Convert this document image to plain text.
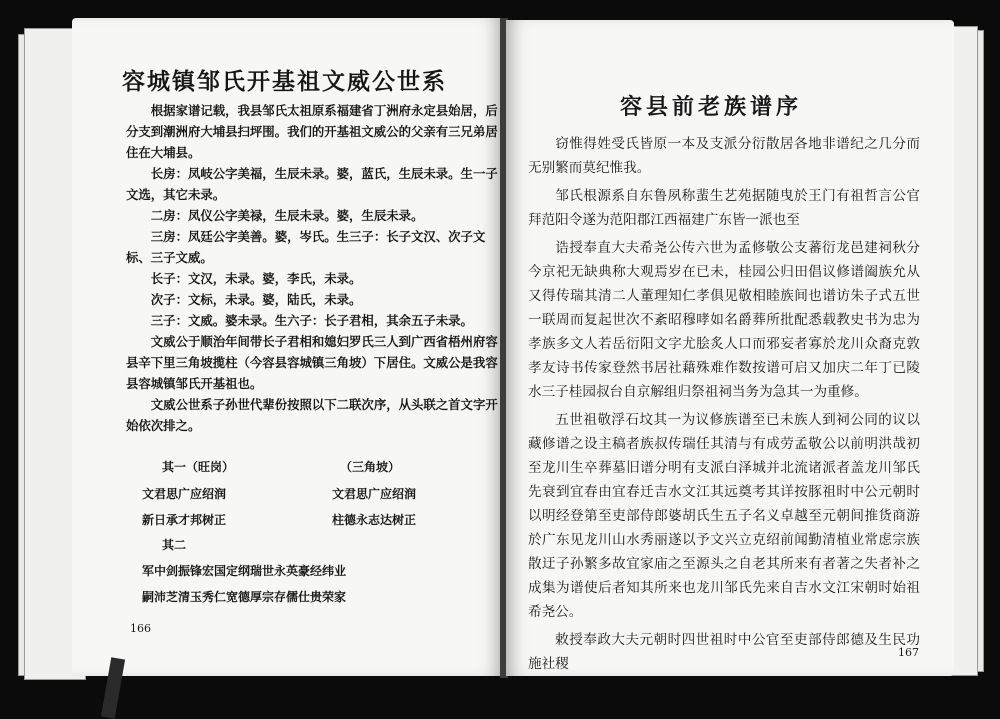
容城镇邹氏开基祖文威公世系

根据家谱记载，我县邹氏太祖原系福建省丁洲府永定县始居，后分支到潮洲府大埔县扫坪围。我们的开基祖文威公的父亲有三兄弟居住在大埔县。

长房：凤岐公字美福，生辰未录。婆，蓝氏，生辰未录。生一子文选，其它未录。

二房：凤仪公字美禄，生辰未录。婆，生辰未录。

三房：凤廷公字美善。婆，岑氏。生三子：长子文汉、次子文标、三子文威。

长子：文汉，未录。婆，李氏，未录。

次子：文标，未录。婆，陆氏，未录。

三子：文威。婆未录。生六子：长子君相，其余五子未录。

文威公于顺治年间带长子君相和媳妇罗氏三人到广西省梧州府容县辛下里三角坡揽柱（今容县容城镇三角坡）下居住。文威公是我容县容城镇邹氏开基祖也。

文威公世系子孙世代辈份按照以下二联次序，从头联之首文字开始依次排之。

其一（旺岗）	（三角坡）
文君思广应绍润	文君思广应绍润
新日承才邦树正	柱德永志达树正
其二
军中剑振锋宏国定纲瑞世永英豪经纬业
嗣沛芝清玉秀仁宽德厚宗存儒仕贵荣家
166
容县前老族谱序

窃惟得姓受氏皆原一本及支派分衍散居各地非谱纪之几分而无别繁而莫纪惟我。

邹氏根源系自东鲁夙称蜚生艺苑据随曳於王门有祖哲言公官拜范阳令遂为范阳郡江西福建广东皆一派也至

诰授奉直大夫希尧公传六世为孟修敬公支蕃衍龙邑建祠秋分今京祀无缺典称大观焉岁在已未，桂园公归田倡议修谱阖族允从又得传瑞其清二人董理知仁孝俱见敬相睦族间也谱访朱子式五世一联周而复起世次不紊昭穆哮如名爵葬所批配悉载教史书为忠为孝族多文人若岳衍阳文字尤脍炙人口而邪妄者寡於龙川众裔克敦孝友诗书传家登然书居社藉殊难作数按谱可启又加庆二年丁已陵水三子桂园叔台自京解组归祭祖祠当务为急其一为重修。

五世祖敬浮石坟其一为议修族谱至已未族人到祠公同的议以藏修谱之设主稿者族叔传瑞任其清与有成劳孟敬公以前明洪哉初至龙川生卒葬墓旧谱分明有支派白泽城并北流诸派者盖龙川邹氏先衰到宜春由宜春迁吉水文江其远奠考其详按豚祖时中公元朝时以明经登第至吏部侍郎婆胡氏生五子名义卓越至元朝间推货商游於广东见龙川山水秀丽遂以予文兴立克绍前闻勤清植业常虑宗族散迂子孙繁多故宜家庙之至源头之自老其所来有者著之失者补之成集为谱使后者知其所来也龙川邹氏先来自吉水文江宋朝时始祖希尧公。

敕授奉政大夫元朝时四世祖时中公官至吏部侍郎德及生民功施社稷

167
